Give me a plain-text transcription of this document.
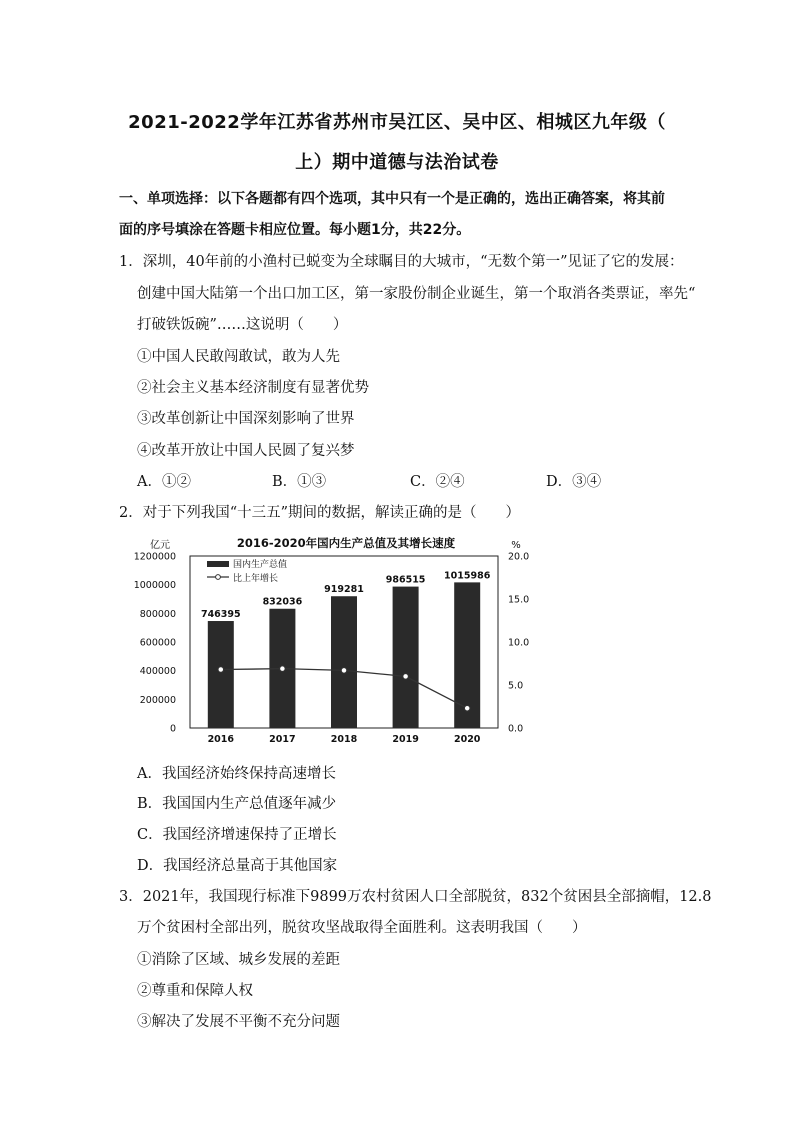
2021-2022学年江苏省苏州市吴江区、吴中区、相城区九年级（
上）期中道德与法治试卷
一、单项选择：以下各题都有四个选项，其中只有一个是正确的，选出正确答案，将其前
面的序号填涂在答题卡相应位置。每小题1分，共22分。
1．深圳，40年前的小渔村已蜕变为全球瞩目的大城市，“无数个第一”见证了它的发展：
创建中国大陆第一个出口加工区，第一家股份制企业诞生，第一个取消各类票证，率先“
打破铁饭碗”……这说明（　　）
①中国人民敢闯敢试，敢为人先
②社会主义基本经济制度有显著优势
③改革创新让中国深刻影响了世界
④改革开放让中国人民圆了复兴梦
A．①②	B．①③	C．②④	D．③④
2．对于下列我国“十三五”期间的数据，解读正确的是（　　）
2016-2020年国内生产总值及其增长速度
亿元	%
0
200000
400000
600000
800000
1000000
1200000
0.0
5.0
10.0
15.0
20.0
746395
2016
832036
2017
919281
2018
986515
2019
1015986
2020
国内生产总值
比上年增长
A．我国经济始终保持高速增长
B．我国国内生产总值逐年减少
C．我国经济增速保持了正增长
D．我国经济总量高于其他国家
3．2021年，我国现行标准下9899万农村贫困人口全部脱贫，832个贫困县全部摘帽，12.8
万个贫困村全部出列，脱贫攻坚战取得全面胜利。这表明我国（　　）
①消除了区域、城乡发展的差距
②尊重和保障人权
③解决了发展不平衡不充分问题
